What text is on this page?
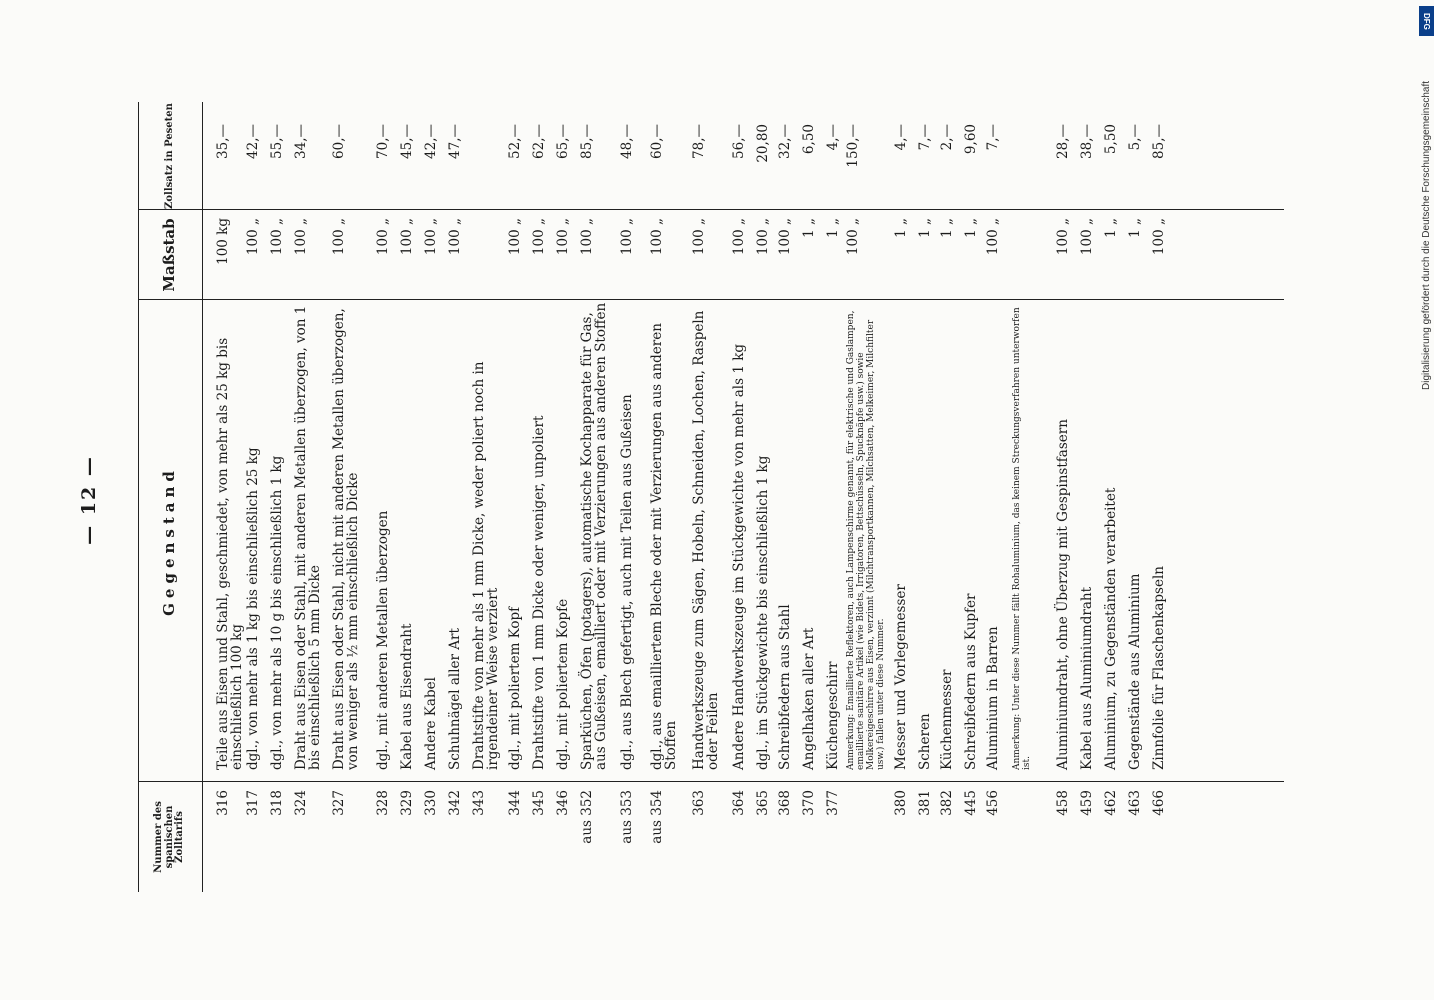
— 12 —
Nummer des spanischen Zolltarifs
Gegenstand
Maßstab
Zollsatz in Peseten
316
Teile aus Eisen und Stahl, geschmiedet, von mehr als 25 kg bis einschließlich 100 kg
100 kg
35,—
317
dgl., von mehr als 1 kg bis einschließlich 25 kg
100 „
42,—
318
dgl., von mehr als 10 g bis einschließlich 1 kg
100 „
55,—
324
Draht aus Eisen oder Stahl, mit anderen Metallen überzogen, von 1 bis einschließlich 5 mm Dicke
100 „
34,—
327
Draht aus Eisen oder Stahl, nicht mit anderen Metallen überzogen, von weniger als ½ mm einschließlich Dicke
100 „
60,—
328
dgl., mit anderen Metallen überzogen
100 „
70,—
329
Kabel aus Eisendraht
100 „
45,—
330
Andere Kabel
100 „
42,—
342
Schuhnägel aller Art
100 „
47,—
343
Drahtstifte von mehr als 1 mm Dicke, weder poliert noch in irgendeiner Weise verziert
344
dgl., mit poliertem Kopf
100 „
52,—
345
Drahtstifte von 1 mm Dicke oder weniger, unpoliert
100 „
62,—
346
dgl., mit poliertem Kopfe
100 „
65,—
aus 352
Sparküchen, Öfen (potagers), automatische Kochapparate für Gas, aus Gußeisen, emailliert oder mit Verzierungen aus anderen Stoffen
100 „
85,—
aus 353
dgl., aus Blech gefertigt, auch mit Teilen aus Gußeisen
100 „
48,—
aus 354
dgl., aus emailliertem Bleche oder mit Verzierungen aus anderen Stoffen
100 „
60,—
363
Handwerkszeuge zum Sägen, Hobeln, Schneiden, Lochen, Raspeln oder Feilen
100 „
78,—
364
Andere Handwerkszeuge im Stückgewichte von mehr als 1 kg
100 „
56,—
365
dgl., im Stückgewichte bis einschließlich 1 kg
100 „
20,80
368
Schreibfedern aus Stahl
100 „
32,—
370
Angelhaken aller Art
1 „
6,50
377
Küchengeschirr
1 „
4,—
Anmerkung: Emaillierte Reflektoren, auch Lampenschirme genannt, für elektrische und Gaslampen, emaillierte sanitäre Artikel (wie Bidets, Irrigatoren, Bettschüsseln, Spucknäpfe usw.) sowie Molkereigeschirre aus Eisen, verzinnt (Milchtransportkannen, Milchsatten, Melkeimer, Milchfilter usw.) fallen unter diese Nummer.
100 „
150,—
380
Messer und Vorlegemesser
1 „
4,—
381
Scheren
1 „
7,—
382
Küchenmesser
1 „
2,—
445
Schreibfedern aus Kupfer
1 „
9,60
456
Aluminium in Barren
100 „
7,—
Anmerkung: Unter diese Nummer fällt Rohaluminium, das keinem Streckungsverfahren unterworfen ist.
458
Aluminiumdraht, ohne Überzug mit Gespinstfasern
100 „
28,—
459
Kabel aus Aluminiumdraht
100 „
38,—
462
Aluminium, zu Gegenständen verarbeitet
1 „
5,50
463
Gegenstände aus Aluminium
1 „
5,—
466
Zinnfolie für Flaschenkapseln
100 „
85,—	Digitalisierung gefördert durch die Deutsche Forschungsgemeinschaft
DFG
